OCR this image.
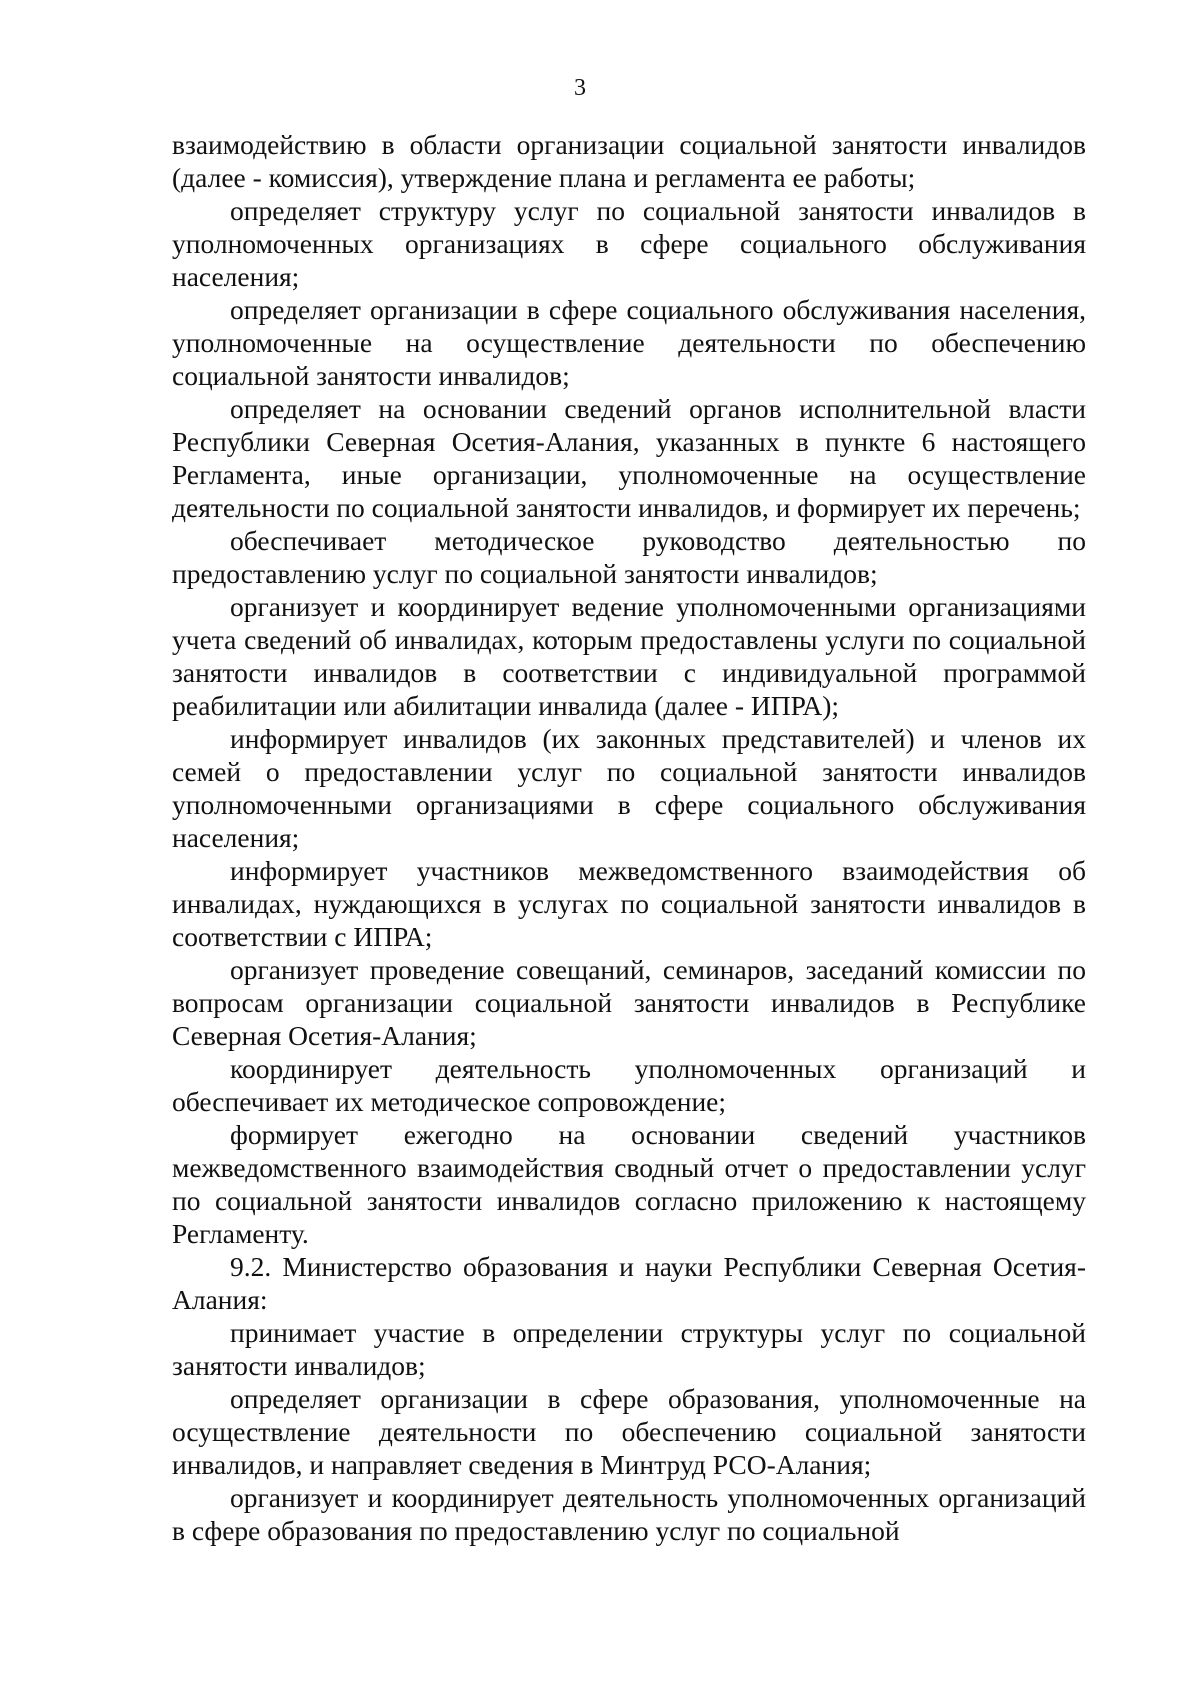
3

взаимодействию в области организации социальной занятости инвалидов (далее - комиссия), утверждение плана и регламента ее работы;

определяет структуру услуг по социальной занятости инвалидов в уполномоченных организациях в сфере социального обслуживания населения;

определяет организации в сфере социального обслуживания населения, уполномоченные на осуществление деятельности по обеспечению социальной занятости инвалидов;

определяет на основании сведений органов исполнительной власти Республики Северная Осетия-Алания, указанных в пункте 6 настоящего Регламента, иные организации, уполномоченные на осуществление деятельности по социальной занятости инвалидов, и формирует их перечень;

обеспечивает методическое руководство деятельностью по предоставлению услуг по социальной занятости инвалидов;

организует и координирует ведение уполномоченными организациями учета сведений об инвалидах, которым предоставлены услуги по социальной занятости инвалидов в соответствии с индивидуальной программой реабилитации или абилитации инвалида (далее - ИПРА);

информирует инвалидов (их законных представителей) и членов их семей о предоставлении услуг по социальной занятости инвалидов уполномоченными организациями в сфере социального обслуживания населения;

информирует участников межведомственного взаимодействия об инвалидах, нуждающихся в услугах по социальной занятости инвалидов в соответствии с ИПРА;

организует проведение совещаний, семинаров, заседаний комиссии по вопросам организации социальной занятости инвалидов в Республике Северная Осетия-Алания;

координирует деятельность уполномоченных организаций и обеспечивает их методическое сопровождение;

формирует ежегодно на основании сведений участников межведомственного взаимодействия сводный отчет о предоставлении услуг по социальной занятости инвалидов согласно приложению к настоящему Регламенту.

9.2. Министерство образования и науки Республики Северная Осетия-Алания:

принимает участие в определении структуры услуг по социальной занятости инвалидов;

определяет организации в сфере образования, уполномоченные на осуществление деятельности по обеспечению социальной занятости инвалидов, и направляет сведения в Минтруд РСО-Алания;

организует и координирует деятельность уполномоченных организаций в сфере образования по предоставлению услуг по социальной
